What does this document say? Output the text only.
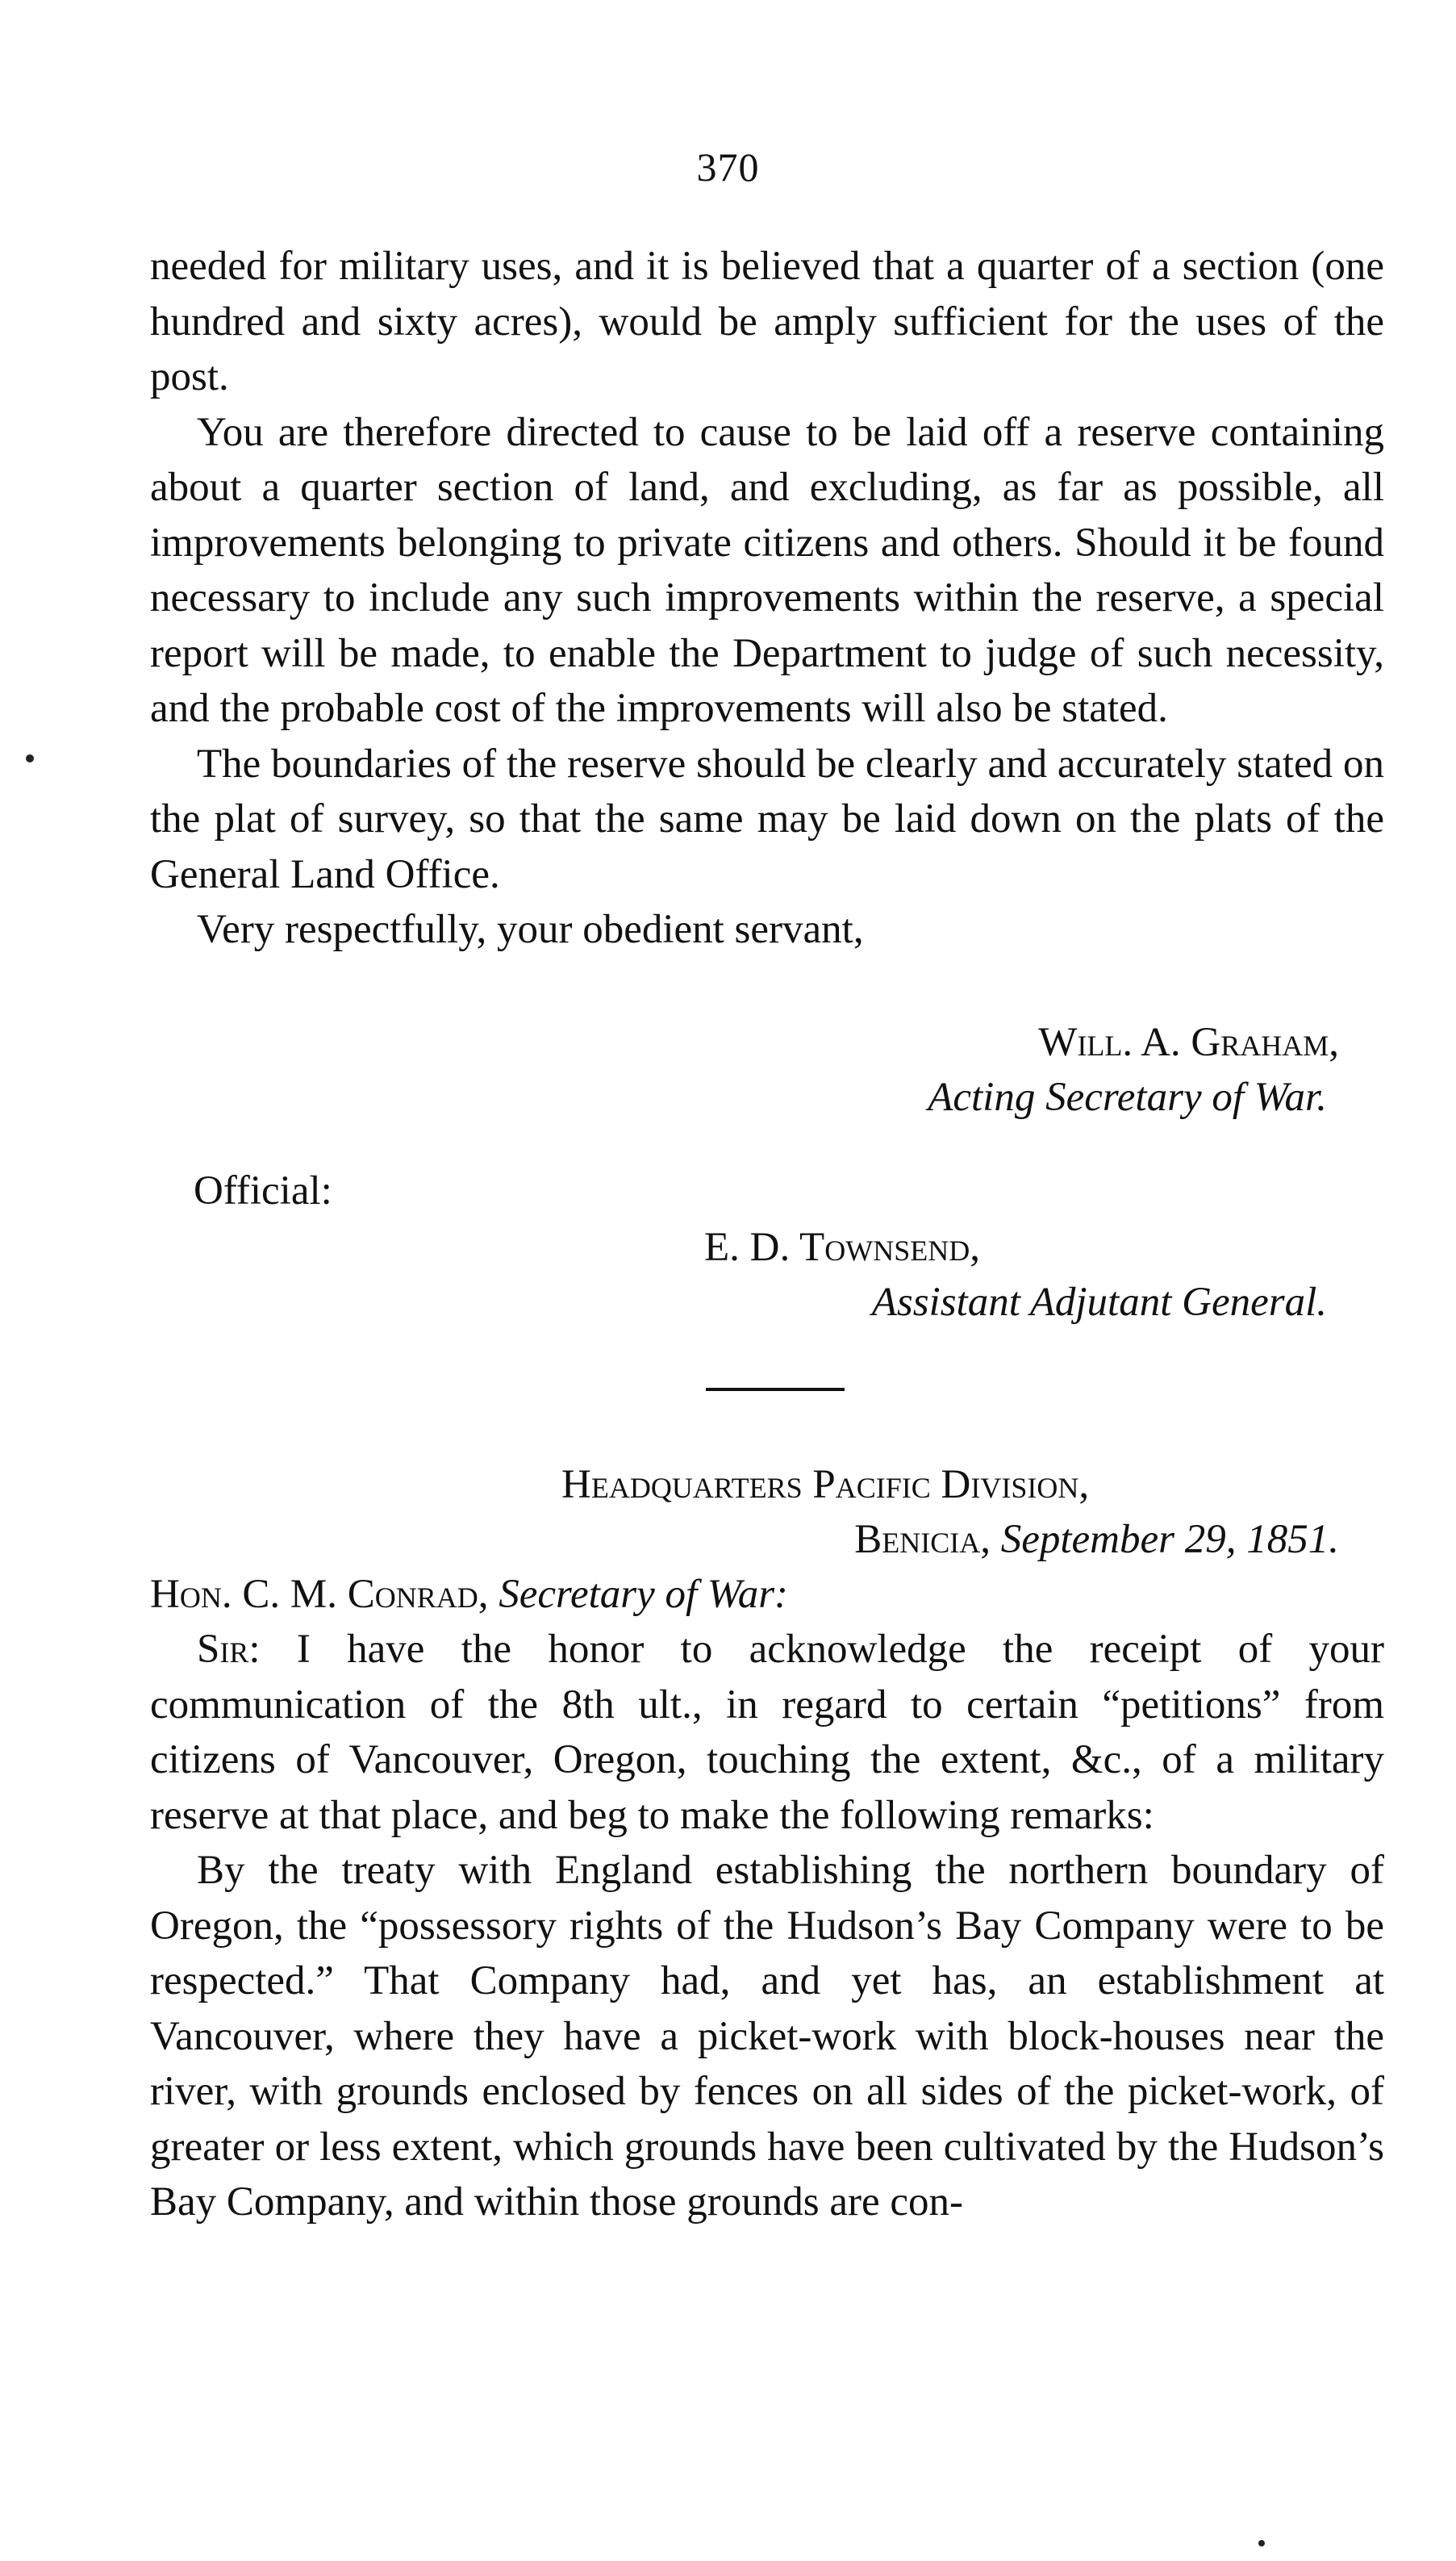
370

needed for military uses, and it is believed that a quarter of a section (one hundred and sixty acres), would be amply sufficient for the uses of the post.

You are therefore directed to cause to be laid off a reserve containing about a quarter section of land, and excluding, as far as possible, all improvements belonging to private citizens and others. Should it be found necessary to include any such improvements within the reserve, a special report will be made, to enable the Department to judge of such necessity, and the probable cost of the improvements will also be stated.

The boundaries of the reserve should be clearly and accurately stated on the plat of survey, so that the same may be laid down on the plats of the General Land Office.

Very respectfully, your obedient servant,

Will. A. Graham,
Acting Secretary of War.
Official:
E. D. Townsend,
Assistant Adjutant General.
Headquarters Pacific Division,
Benicia, September 29, 1851.
Hon. C. M. Conrad, Secretary of War:

Sir: I have the honor to acknowledge the receipt of your communication of the 8th ult., in regard to certain “petitions” from citizens of Vancouver, Oregon, touching the extent, &c., of a military reserve at that place, and beg to make the following remarks:

By the treaty with England establishing the northern boundary of Oregon, the “possessory rights of the Hudson’s Bay Company were to be respected.” That Company had, and yet has, an establishment at Vancouver, where they have a picket-work with block-houses near the river, with grounds enclosed by fences on all sides of the picket-work, of greater or less extent, which grounds have been cultivated by the Hudson’s Bay Company, and within those grounds are con-
